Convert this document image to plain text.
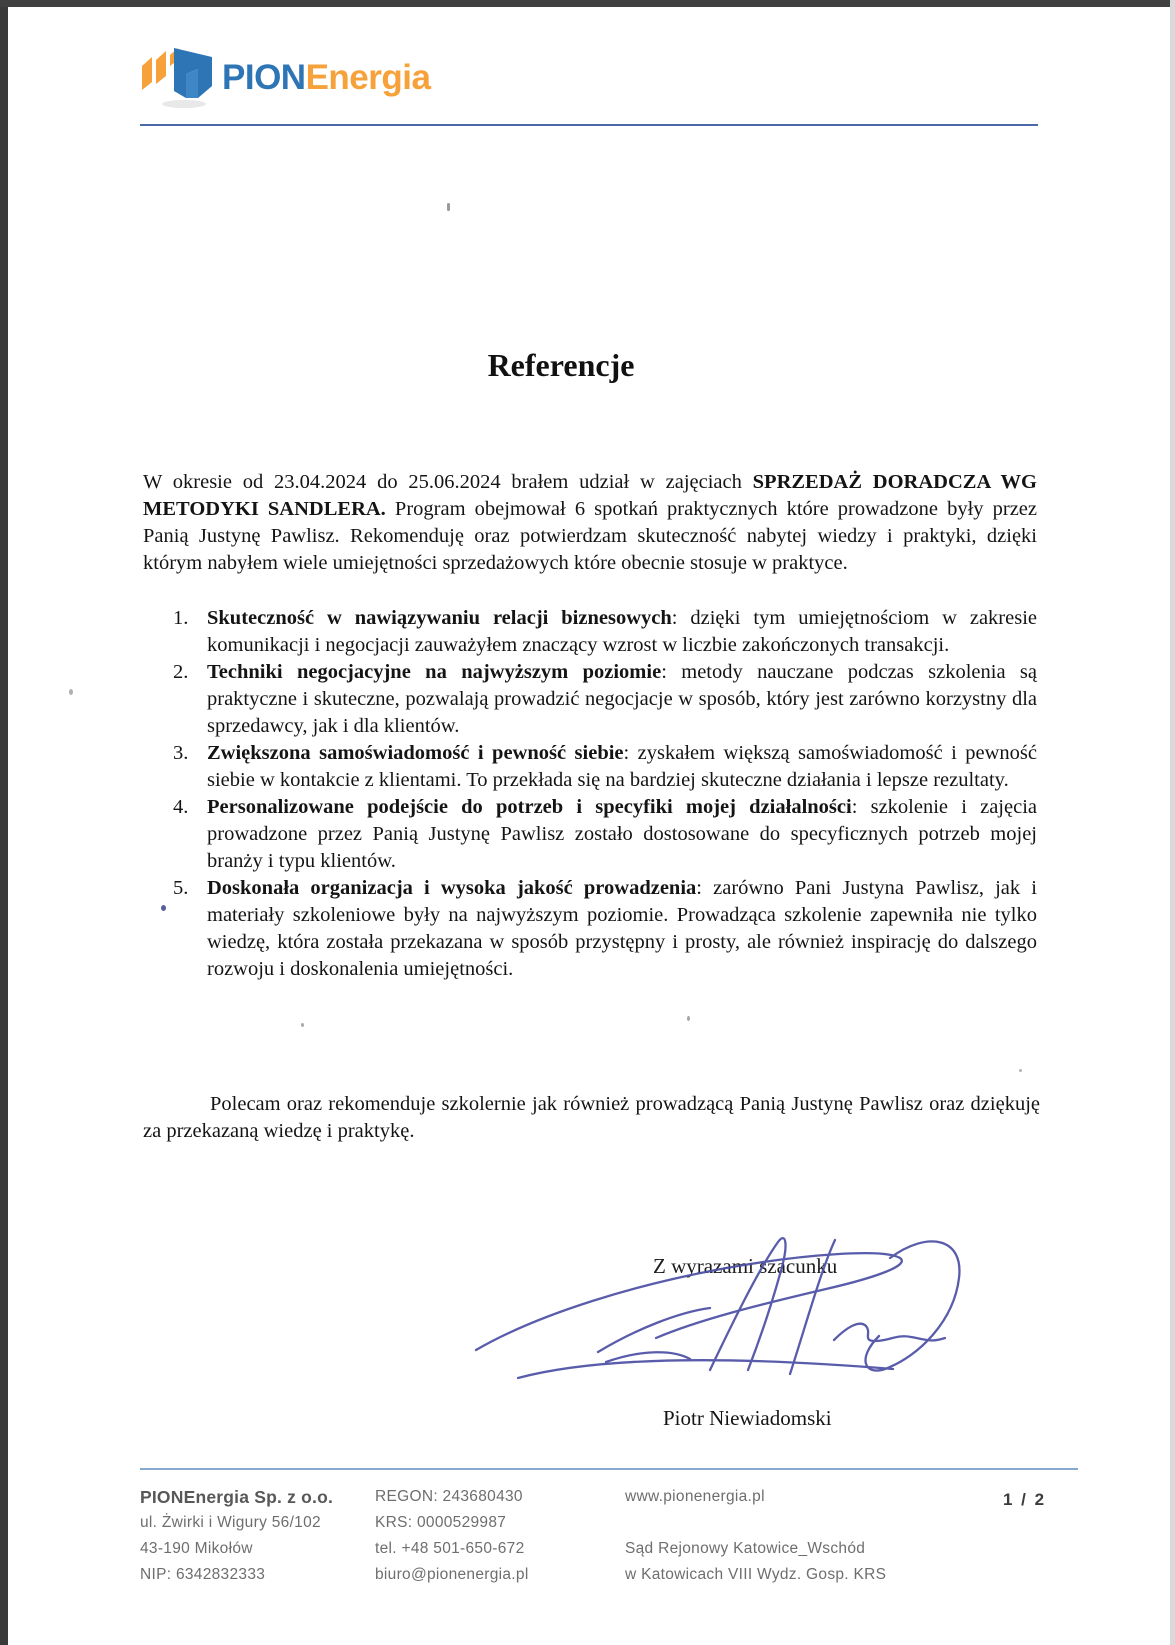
PIONEnergia
Referencje

W okresie od 23.04.2024 do 25.06.2024 brałem udział w zajęciach SPRZEDAŻ DORADCZA WG METODYKI SANDLERA. Program obejmował 6 spotkań praktycznych które prowadzone były przez Panią Justynę Pawlisz. Rekomenduję oraz potwierdzam skuteczność nabytej wiedzy i praktyki, dzięki którym nabyłem wiele umiejętności sprzedażowych które obecnie stosuje w praktyce.

1. Skuteczność w nawiązywaniu relacji biznesowych: dzięki tym umiejętnościom w zakresie komunikacji i negocjacji zauważyłem znaczący wzrost w liczbie zakończonych transakcji.
2. Techniki negocjacyjne na najwyższym poziomie: metody nauczane podczas szkolenia są praktyczne i skuteczne, pozwalają prowadzić negocjacje w sposób, który jest zarówno korzystny dla sprzedawcy, jak i dla klientów.
3. Zwiększona samoświadomość i pewność siebie: zyskałem większą samoświadomość i pewność siebie w kontakcie z klientami. To przekłada się na bardziej skuteczne działania i lepsze rezultaty.
4. Personalizowane podejście do potrzeb i specyfiki mojej działalności: szkolenie i zajęcia prowadzone przez Panią Justynę Pawlisz zostało dostosowane do specyficznych potrzeb mojej branży i typu klientów.
5. Doskonała organizacja i wysoka jakość prowadzenia: zarówno Pani Justyna Pawlisz, jak i materiały szkoleniowe były na najwyższym poziomie. Prowadząca szkolenie zapewniła nie tylko wiedzę, która została przekazana w sposób przystępny i prosty, ale również inspirację do dalszego rozwoju i doskonalenia umiejętności.

Polecam oraz rekomenduje szkolernie jak również prowadzącą Panią Justynę Pawlisz oraz dziękuję za przekazaną wiedzę i praktykę.

Z wyrazami szacunku
Piotr Niewiadomski
PIONEnergia Sp. z o.o.
ul. Żwirki i Wigury 56/102
43-190 Mikołów
NIP: 6342832333
REGON: 243680430
KRS: 0000529987
tel. +48 501-650-672
biuro@pionenergia.pl
www.pionenergia.pl
Sąd Rejonowy Katowice_Wschód
w Katowicach VIII Wydz. Gosp. KRS
1 / 2
